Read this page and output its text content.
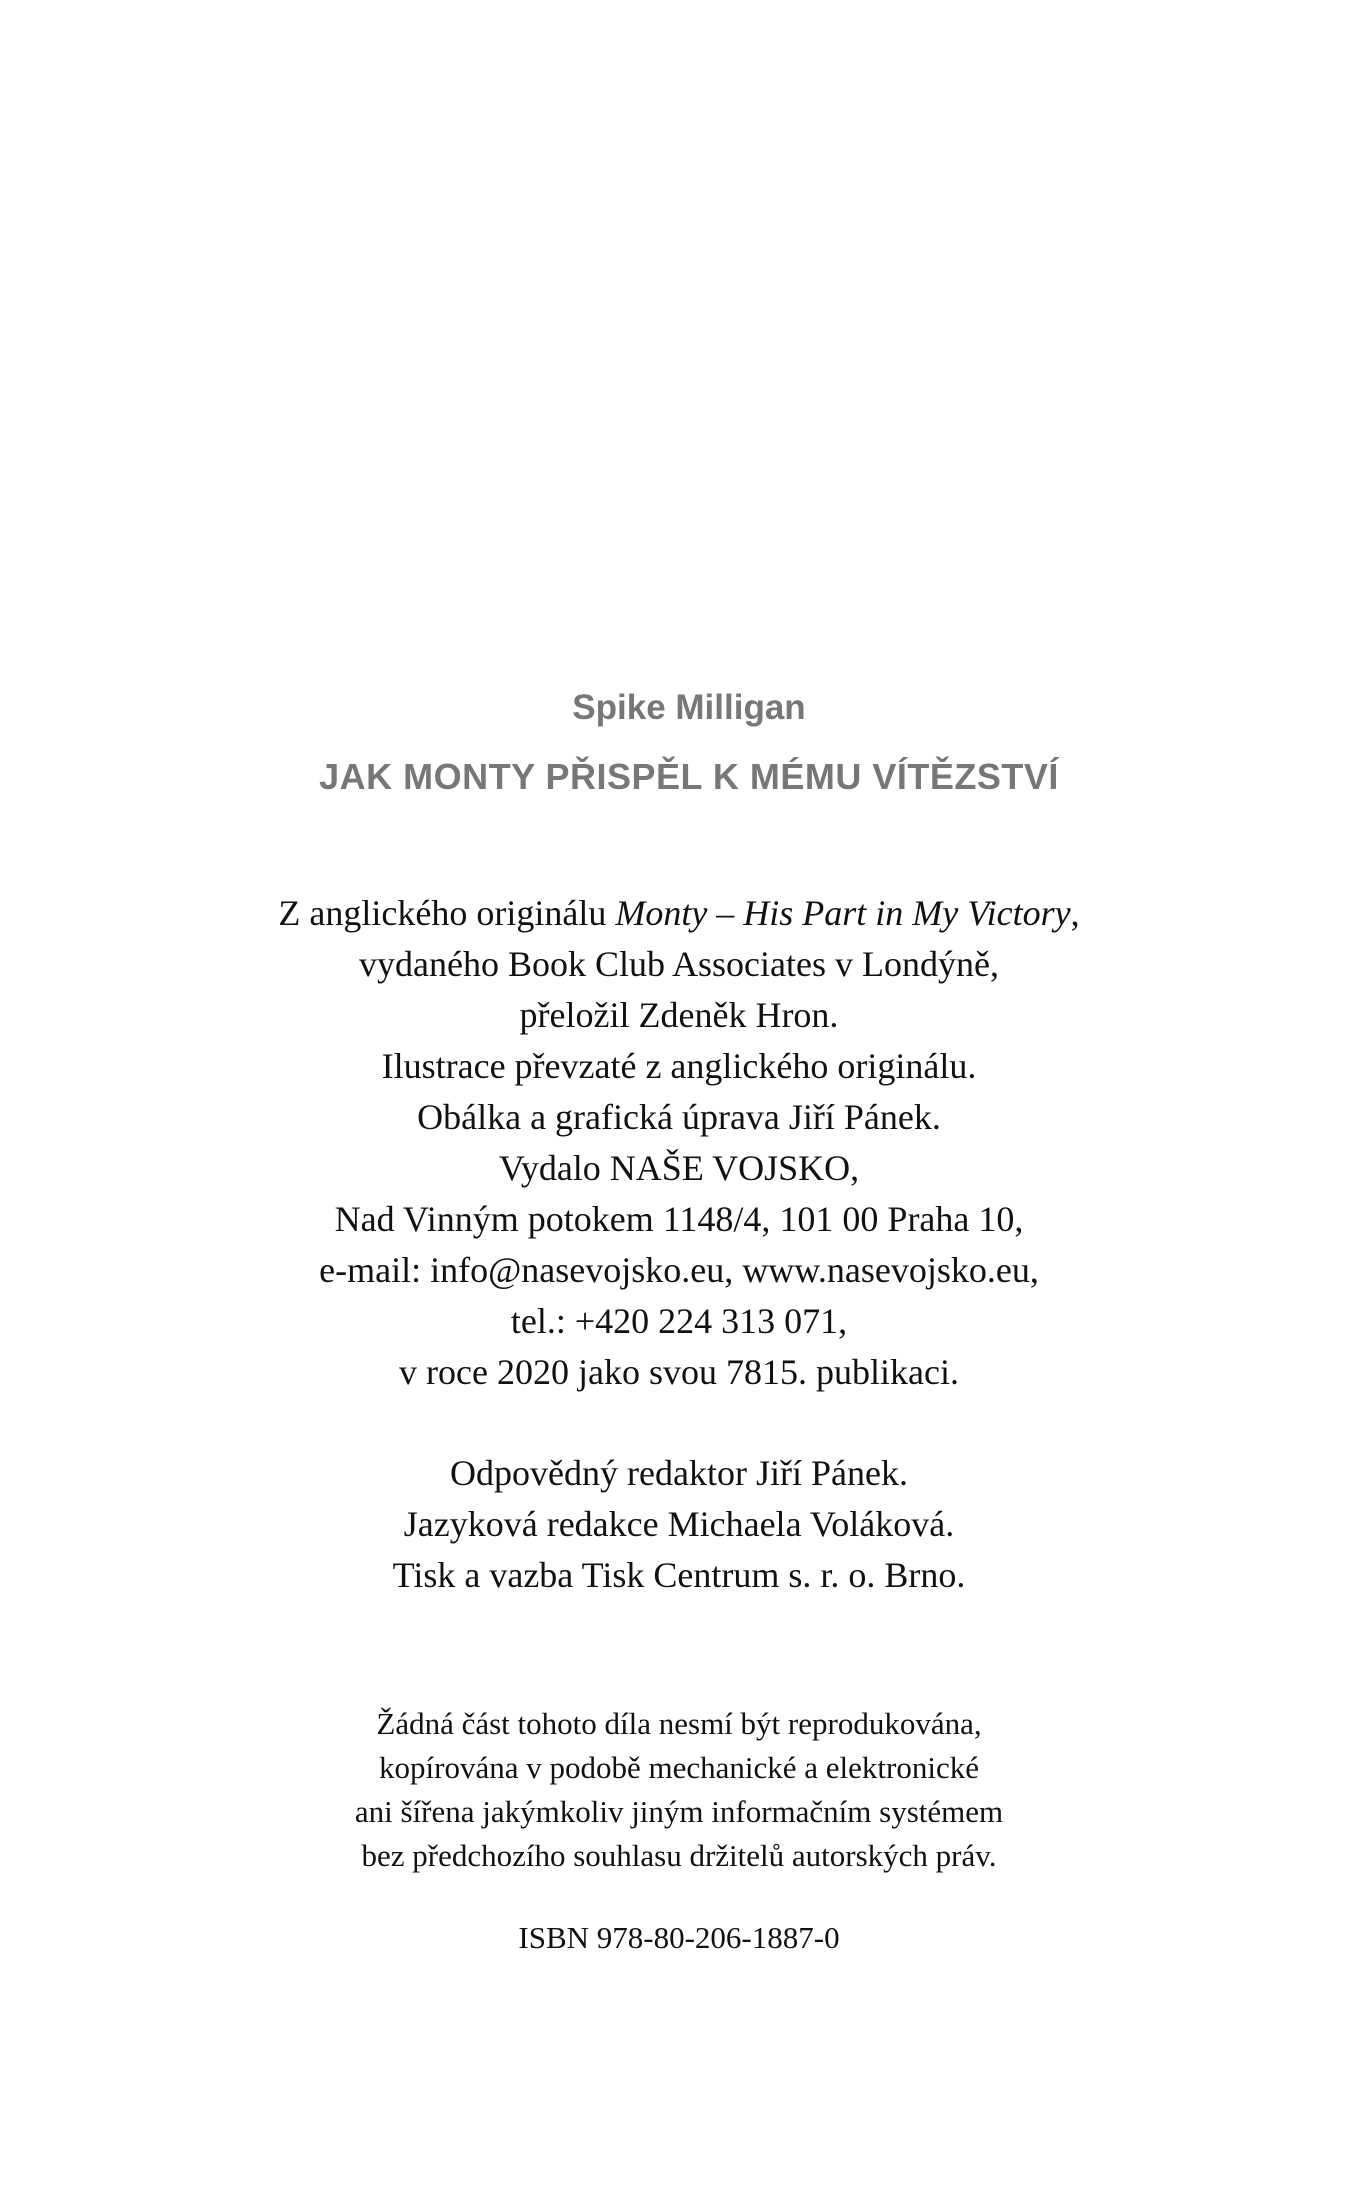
Spike Milligan
JAK MONTY PŘISPĚL K MÉMU VÍTĚZSTVÍ
Z anglického originálu Monty – His Part in My Victory,
vydaného Book Club Associates v Londýně,
přeložil Zdeněk Hron.
Ilustrace převzaté z anglického originálu.
Obálka a grafická úprava Jiří Pánek.
Vydalo NAŠE VOJSKO,
Nad Vinným potokem 1148/4, 101 00 Praha 10,
e-mail: info@nasevojsko.eu, www.nasevojsko.eu,
tel.: +420 224 313 071,
v roce 2020 jako svou 7815. publikaci.
Odpovědný redaktor Jiří Pánek.
Jazyková redakce Michaela Voláková.
Tisk a vazba Tisk Centrum s. r. o. Brno.
Žádná část tohoto díla nesmí být reprodukována,
kopírována v podobě mechanické a elektronické
ani šířena jakýmkoliv jiným informačním systémem
bez předchozího souhlasu držitelů autorských práv.
ISBN 978-80-206-1887-0
